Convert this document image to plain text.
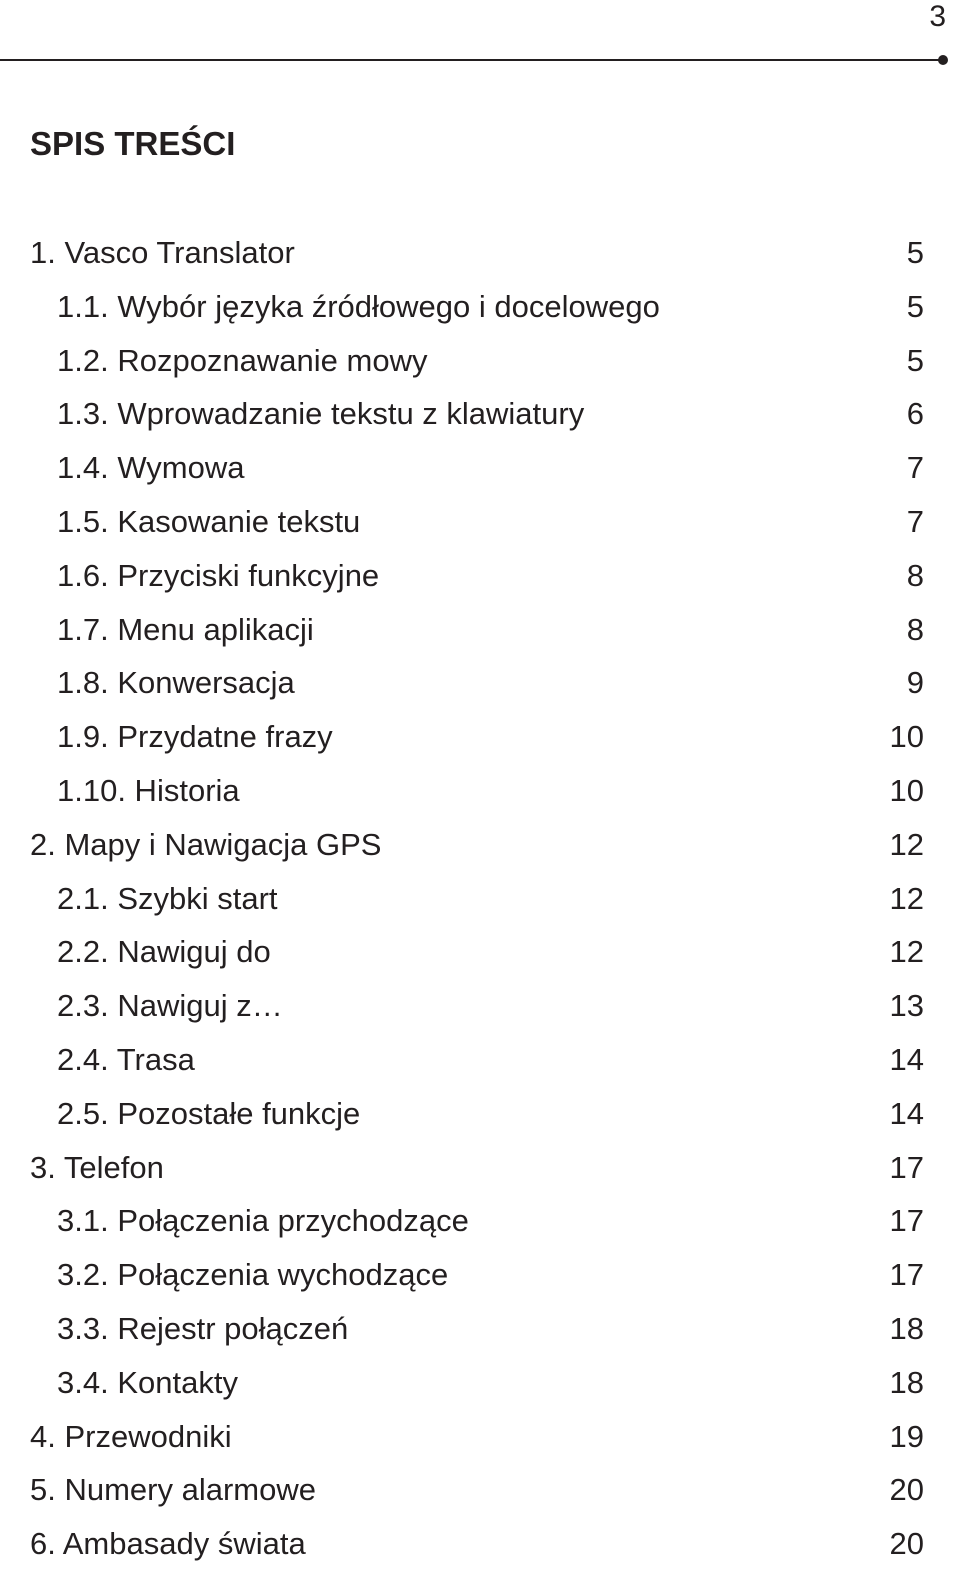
3
SPIS TREŚCI
1. Vasco Translator	5
1.1. Wybór języka źródłowego i docelowego	5
1.2. Rozpoznawanie mowy	5
1.3. Wprowadzanie tekstu z klawiatury	6
1.4. Wymowa	7
1.5. Kasowanie tekstu	7
1.6. Przyciski funkcyjne	8
1.7. Menu aplikacji	8
1.8. Konwersacja	9
1.9. Przydatne frazy	10
1.10. Historia	10
2. Mapy i Nawigacja GPS	12
2.1. Szybki start	12
2.2. Nawiguj do	12
2.3. Nawiguj z…	13
2.4. Trasa	14
2.5. Pozostałe funkcje	14
3. Telefon	17
3.1. Połączenia przychodzące	17
3.2. Połączenia wychodzące	17
3.3. Rejestr połączeń	18
3.4. Kontakty	18
4. Przewodniki	19
5. Numery alarmowe	20
6. Ambasady świata	20
